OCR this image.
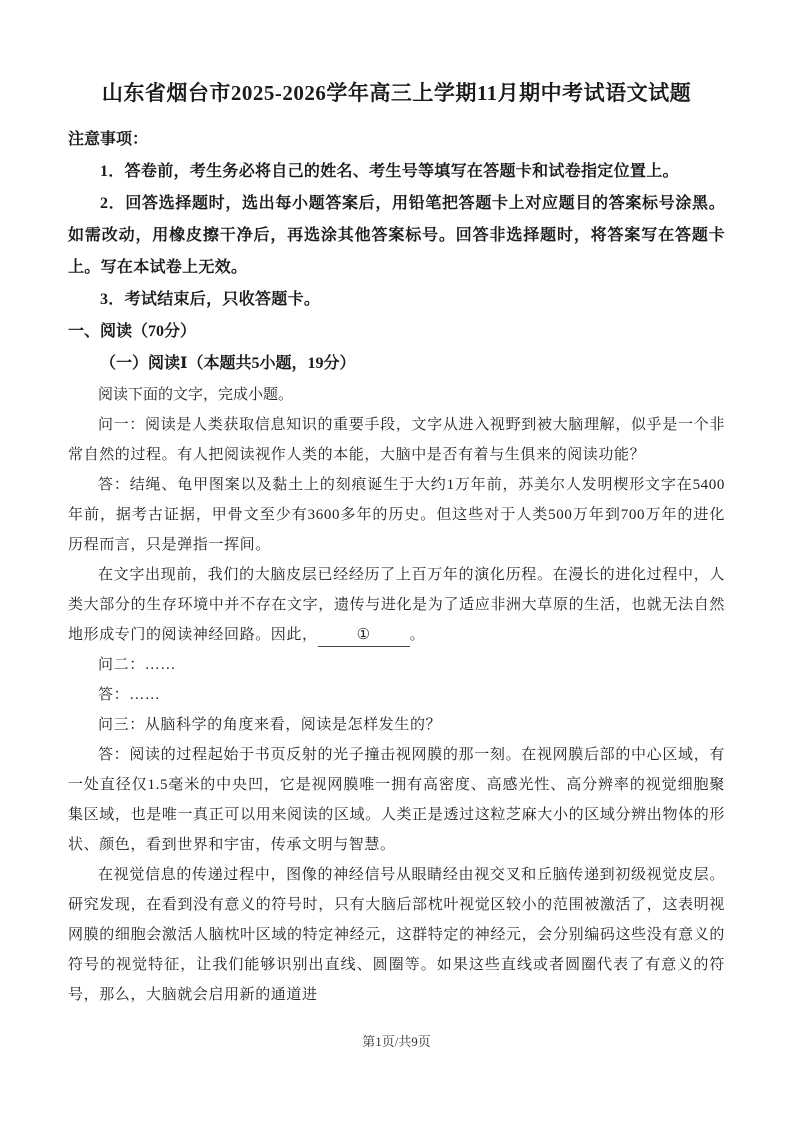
山东省烟台市2025-2026学年高三上学期11月期中考试语文试题

注意事项：

1．答卷前，考生务必将自己的姓名、考生号等填写在答题卡和试卷指定位置上。

2．回答选择题时，选出每小题答案后，用铅笔把答题卡上对应题目的答案标号涂黑。如需改动，用橡皮擦干净后，再选涂其他答案标号。回答非选择题时，将答案写在答题卡上。写在本试卷上无效。

3．考试结束后，只收答题卡。

一、阅读（70分）

（一）阅读Ⅰ（本题共5小题，19分）

阅读下面的文字，完成小题。

问一：阅读是人类获取信息知识的重要手段，文字从进入视野到被大脑理解，似乎是一个非常自然的过程。有人把阅读视作人类的本能，大脑中是否有着与生俱来的阅读功能？

答：结绳、龟甲图案以及黏土上的刻痕诞生于大约1万年前，苏美尔人发明楔形文字在5400年前，据考古证据，甲骨文至少有3600多年的历史。但这些对于人类500万年到700万年的进化历程而言，只是弹指一挥间。

在文字出现前，我们的大脑皮层已经经历了上百万年的演化历程。在漫长的进化过程中，人类大部分的生存环境中并不存在文字，遗传与进化是为了适应非洲大草原的生活，也就无法自然地形成专门的阅读神经回路。因此，	①	。

问二：……

答：……

问三：从脑科学的角度来看，阅读是怎样发生的？

答：阅读的过程起始于书页反射的光子撞击视网膜的那一刻。在视网膜后部的中心区域，有一处直径仅1.5毫米的中央凹，它是视网膜唯一拥有高密度、高感光性、高分辨率的视觉细胞聚集区域，也是唯一真正可以用来阅读的区域。人类正是透过这粒芝麻大小的区域分辨出物体的形状、颜色，看到世界和宇宙，传承文明与智慧。

在视觉信息的传递过程中，图像的神经信号从眼睛经由视交叉和丘脑传递到初级视觉皮层。研究发现，在看到没有意义的符号时，只有大脑后部枕叶视觉区较小的范围被激活了，这表明视网膜的细胞会激活人脑枕叶区域的特定神经元，这群特定的神经元，会分别编码这些没有意义的符号的视觉特征，让我们能够识别出直线、圆圈等。如果这些直线或者圆圈代表了有意义的符号，那么，大脑就会启用新的通道进

第1页/共9页
